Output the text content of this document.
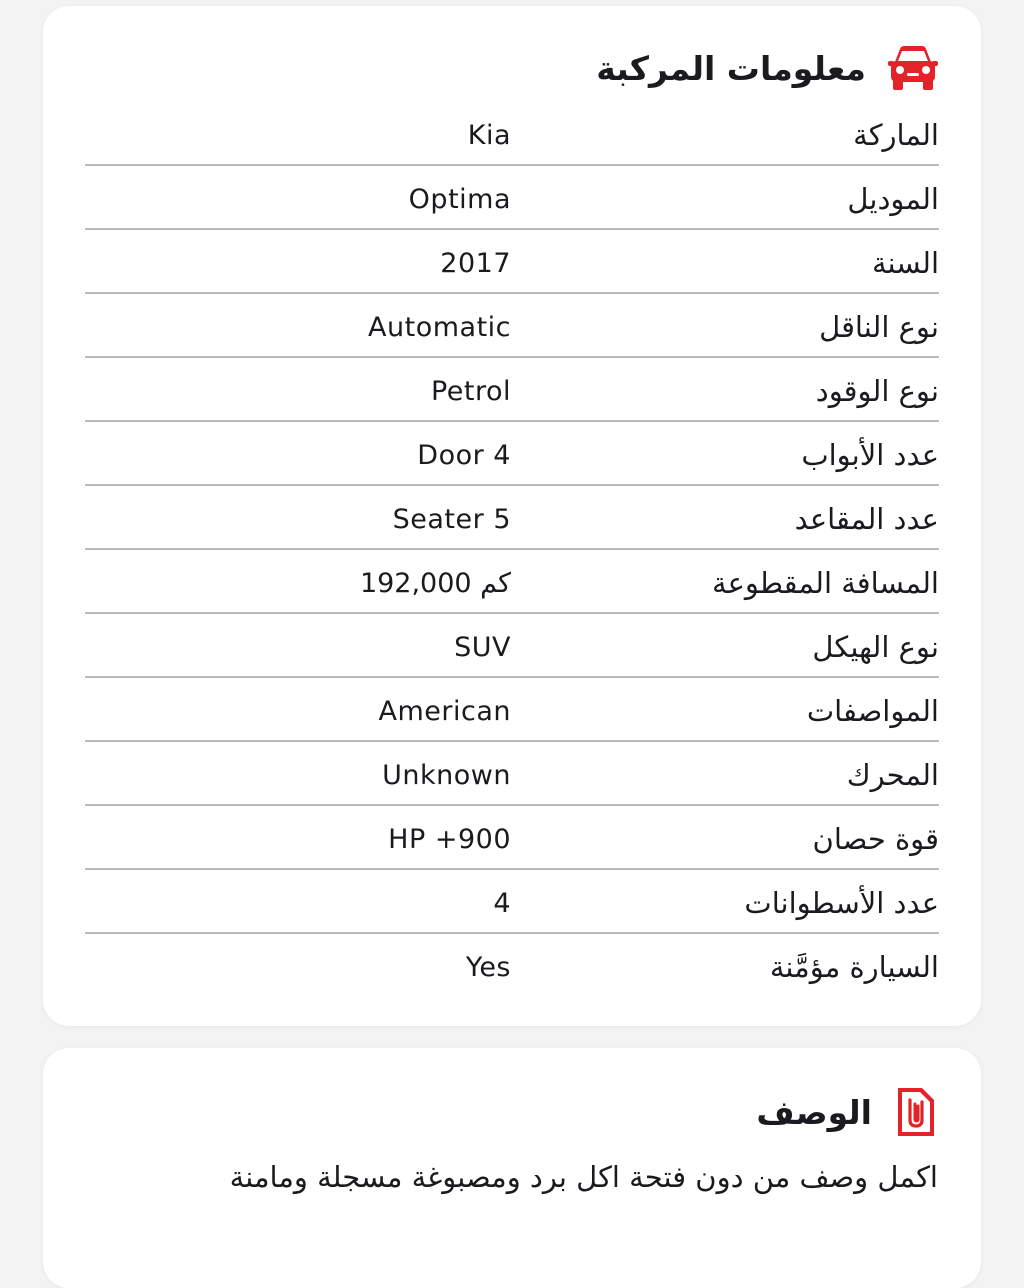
معلومات المركبة
الماركة
Kia
الموديل
Optima
السنة
2017
نوع الناقل
Automatic
نوع الوقود
Petrol
عدد الأبواب
Door 4
عدد المقاعد
Seater 5
المسافة المقطوعة
192,000 كم
نوع الهيكل
SUV
المواصفات
American
المحرك
Unknown
قوة حصان
HP +900
عدد الأسطوانات
4
السيارة مؤمَّنة
Yes
الوصف
اكمل وصف من دون فتحة اكل برد ومصبوغة مسجلة ومامنة
